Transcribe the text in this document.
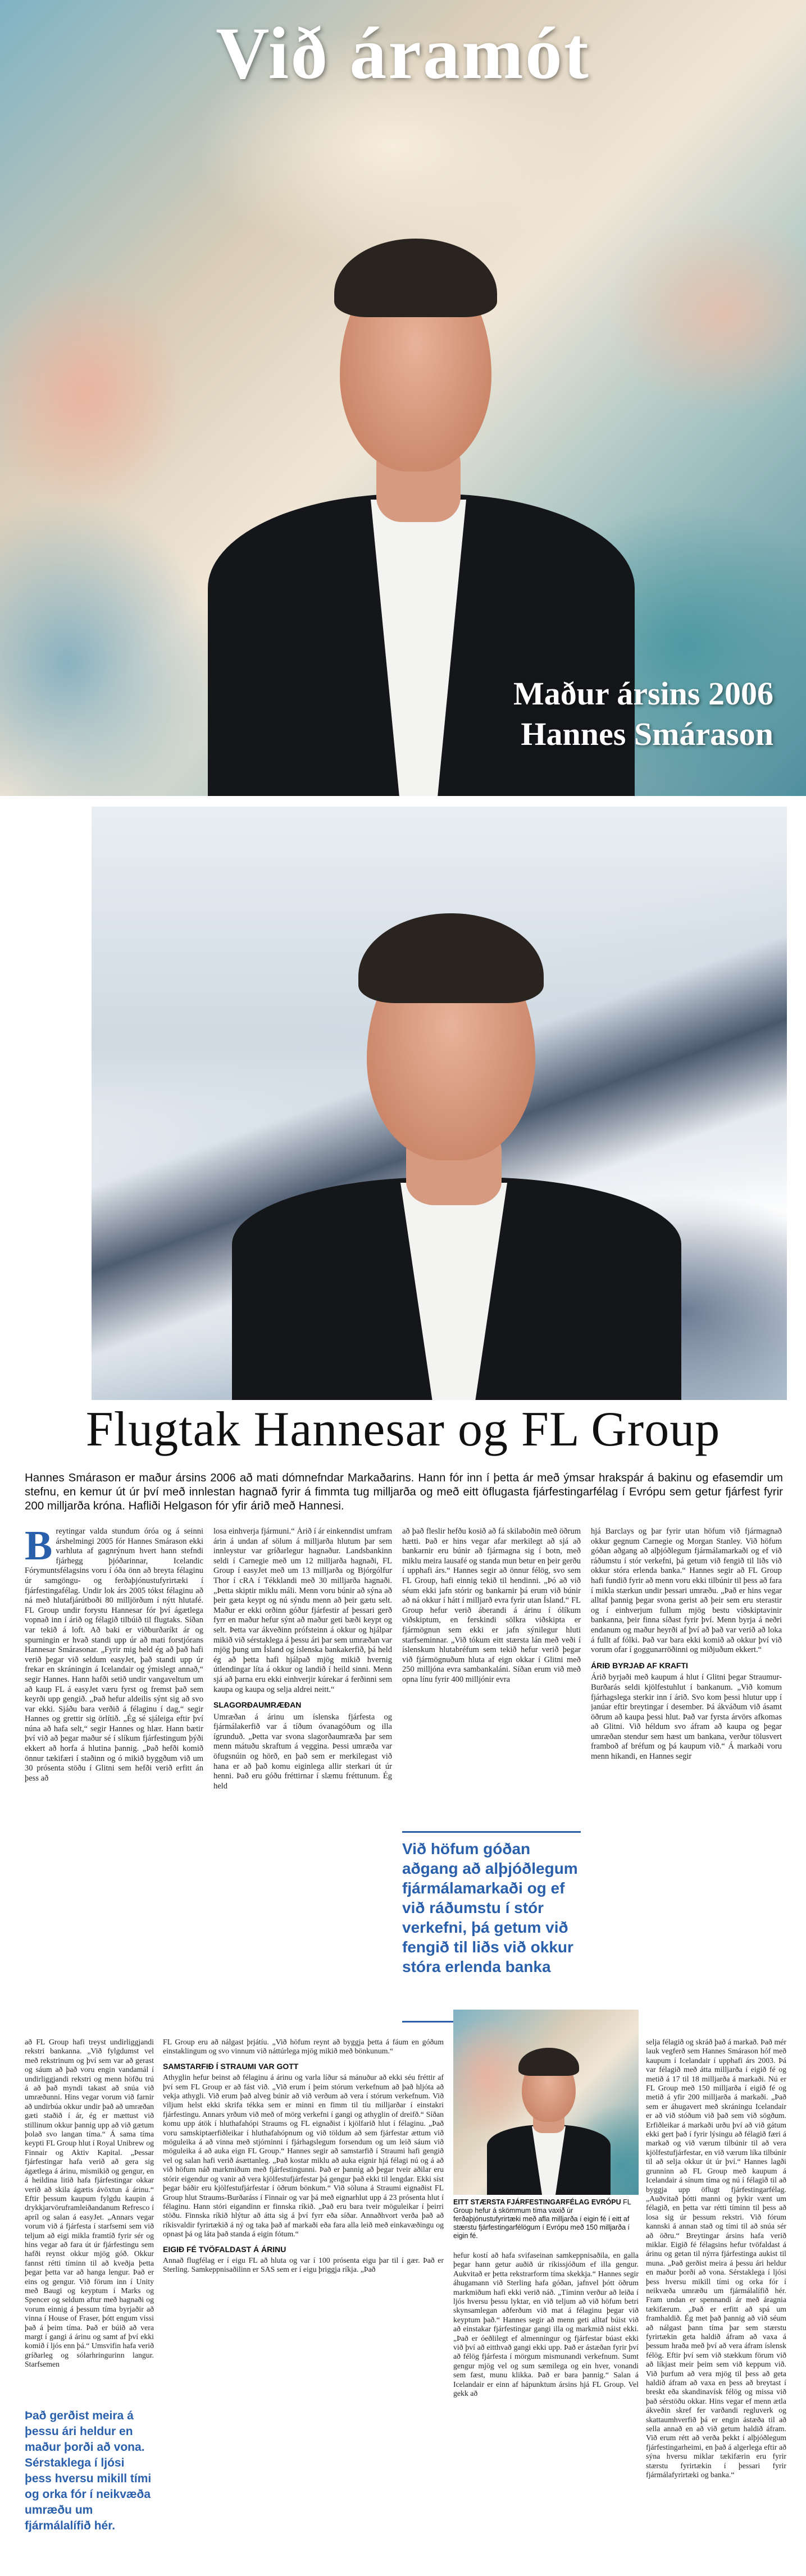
Við áramót
Maður ársins 2006
Hannes Smárason
Flugtak Hannesar og FL Group
Hannes Smárason er maður ársins 2006 að mati dómnefndar Markaðarins. Hann fór inn í þetta ár með ýmsar hrakspár á bakinu og efasemdir um stefnu, en kemur út úr því með innlestan hagnað fyrir á fimmta tug milljarða og með eitt öflugasta fjárfestingarfélag í Evrópu sem getur fjárfest fyrir 200 milljarða króna. Hafliði Helgason fór yfir árið með Hannesi.
B reytingar valda stundum óróa og á seinni árshelmingi 2005 fór Hannes Smárason ekki varhluta af gagnrýnum hvert hann stefndi fjárhegg þjóðarinnar, Icelandic Fórymuntsfélagsins voru í óða önn að breyta félaginu úr samgöngu- og ferðaþjónustufyrirtæki í fjárfestingafélag. Undir lok árs 2005 tókst félaginu að ná með hlutafjárútboði 80 milljörðum í nýtt hlutafé. FL Group undir forystu Hannesar fór því ágætlega vopnað inn í árið og félagið tilbúið til flugtaks. Síðan var tekið á loft. Að baki er viðburðaríkt ár og spurningin er hvað standi upp úr að mati forstjórans Hannesar Smárasonar. „Fyrir mig held ég að það hafi verið þegar við seldum easyJet, það standi upp úr frekar en skráningin á Icelandair og ýmislegt annað,“ segir Hannes. Hann hafði setið undir vangaveltum um að kaup FL á easyJet væru fyrst og fremst það sem keyrði upp gengið. „Það hefur aldeilis sýnt sig að svo var ekki. Sjáðu bara verðið á félaginu í dag,“ segir Hannes og grettir sig örlítið. „Ég sé sjáleiga eftir því núna að hafa selt,“ segir Hannes og hlær. Hann bætir því við að þegar maður sé í slíkum fjárfestingum þýði ekkert að horfa á hlutina þannig. „Það hefði komið önnur tækifæri í staðinn og ó mikið byggðum við um 30 prósenta stöðu í Glitni sem hefði verið erfitt án þess að

losa einhverja fjármuni.“ Árið í ár einkenndist umfram árin á undan af sölum á milljarða hlutum þar sem innleystur var gríðarlegur hagnaður. Landsbankinn seldi í Carnegie með um 12 milljarða hagnaði, FL Group í easyJet með um 13 milljarða og Bjórgólfur Thor í cRA í Tékklandi með 30 milljarða hagnaði. „Þetta skiptir miklu máli. Menn voru búnir að sýna að þeir gæta keypt og nú sýndu menn að þeir gætu selt. Maður er ekki orðinn góður fjárfestir af þessari gerð fyrr en maður hefur sýnt að maður geti bæði keypt og selt. Þetta var ákveðinn prófsteinn á okkur og hjálpar mikið við sérstaklega á þessu ári þar sem umræðan var mjög þung um Ísland og íslenska bankakerfið, þá held ég að þetta hafi hjálpað mjög mikið hvernig útlendingar líta á okkur og landið í heild sinni. Menn sjá að þarna eru ekki einhverjir kúrekar á ferðinni sem kaupa og kaupa og selja aldrei neitt.“

SLAGORÐAUMRÆÐAN

Umræðan á árinu um íslenska fjárfesta og fjármálakerfið var á tíðum óvanagóðum og illa ígrunduð. „Þetta var svona slagorðaumræða þar sem menn mátuðu skraftum á veggina. Þessi umræða var öfugsnúin og hörð, en það sem er merkilegast við hana er að það komu eiginlega allir sterkari út úr henni. Það eru góðu fréttirnar í slæmu fréttunum. Ég held

að það fleslir hefðu kosið að fá skilaboðin með öðrum hætti. Það er hins vegar afar merkilegt að sjá að bankarnir eru búnir að fjármagna sig í botn, með miklu meira lausafé og standa mun betur en þeir gerðu í upphafi árs.“ Hannes segir að önnur félög, svo sem FL Group, hafi einnig tekið til hendinni. „Þó að við séum ekki jafn stórir og bankarnir þá erum við búnir að ná okkur í hátt í milljarð evra fyrir utan Ísland.“ FL Group hefur verið áberandi á árinu í ólíkum viðskiptum, en ferskindi sölkra viðskipta er fjármögnun sem ekki er jafn sýnilegur hluti starfseminnar. „Við tókum eitt stærsta lán með veði í íslenskum hlutabréfum sem tekið hefur verið þegar við fjármögnuðum hluta af eign okkar í Glitni með 250 milljóna evra sambankaláni. Síðan erum við með opna línu fyrir 400 milljónir evra

Við höfum góðan aðgang að alþjóðlegum fjármálamarkaði og ef við ráðumstu í stór verkefni, þá getum við fengið til liðs við okkur stóra erlenda banka

hjá Barclays og þar fyrir utan höfum við fjármagnað okkur gegnum Carnegie og Morgan Stanley. Við höfum góðan aðgang að alþjóðlegum fjármálamarkaði og ef við ráðumstu í stór verkefni, þá getum við fengið til liðs við okkur stóra erlenda banka.“ Hannes segir að FL Group hafi fundið fyrir að menn voru ekki tilbúnir til þess að fara í mikla stærkun undir þessari umræðu. „Það er hins vegar alltaf þannig þegar svona gerist að þeir sem eru sterastir og í einhverjum fullum mjög bestu viðskiptavinir bankanna, þeir finna síðast fyrir því. Menn byrja á neðri endanum og maður heyrði af því að það var verið að loka á fullt af fólki. Það var bara ekki komið að okkur því við vorum ofar í goggunarröðinni og miðjuðum ekkert.“

ÁRIÐ BYRJAÐ AF KRAFTI

Árið byrjaði með kaupum á hlut í Glitni þegar Straumur-Burðarás seldi kjölfestuhlut í bankanum. „Við komum fjárhagslega sterkir inn í árið. Svo kom þessi hlutur upp í janúar eftir breytingar í desember. Þá ákváðum við ásamt öðrum að kaupa þessi hlut. Það var fyrsta árvörs afkomas að Glitni. Við héldum svo áfram að kaupa og þegar umræðan stendur sem hæst um bankana, verður tölusvert framboð af bréfum og þá kaupum við.“ Á markaði voru menn hikandi, en Hannes segir

að FL Group hafi treyst undirliggjandi rekstri bankanna. „Við fylgdumst vel með rekstrinum og því sem var að gerast og sáum að það voru engin vandamál í undirliggjandi rekstri og menn höfðu trú á að það myndi takast að snúa við umræðunni. Hins vegar vorum við farnir að undirbúa okkur undir það að umræðan gæti staðið í ár, ég er mættust við stillinum okkur þannig upp að við gætum þolað svo langan tíma.“ Á sama tíma keypti FL Group hlut í Royal Unibrew og Finnair og Aktiv Kapital. „Þessar fjárfestingar hafa verið að gera sig ágætlega á árinu, mismikið og gengur, en á heildina litið hafa fjárfestingar okkar verið að skila ágætis ávöxtun á árinu.“ Eftir þessum kaupum fylgdu kaupin á drykkjarvöruframleiðandanum Refresco í apríl og salan á easyJet. „Annars vegar vorum við á fjárfesta í starfsemi sem við teljum að eigi mikla framtíð fyrir sér og hins vegar að fara út úr fjárfestingu sem hafði reynst okkur mjög góð. Okkur fannst rétti tíminn til að kveðja þetta þegar þetta var að hanga lengur. Það er eins og gengur. Við förum inn í Unity með Baugi og keyptum í Marks og Spencer og seldum aftur með hagnaði og vorum einnig á þessum tíma byrjaðir að vinna í House of Fraser, þótt engum vissi það á þeim tíma. Það er búið að vera margt í gangi á árinu og samt af því ekki komið í ljós enn þá.“ Umsvifin hafa verið gríðarleg og sólarhringurinn langur. Starfsemen

Það gerðist meira á þessu ári heldur en maður þorði að vona. Sérstaklega í ljósi þess hversu mikill tími og orka fór í neikvæða umræðu um fjármálalífið hér.

FL Group eru að nálgast þrjátíu. „Við höfum reynt að byggja þetta á fáum en góðum einstaklingum og svo vinnum við náttúrlega mjög mikið með bönkunum.“

SAMSTARFIÐ Í STRAUMI VAR GOTT

Athyglin hefur beinst að félaginu á árinu og varla líður sá mánuður að ekki séu fréttir af því sem FL Group er að fást við. „Við erum í þeim stórum verkefnum að það hljóta að vekja athygli. Við erum það alveg búnir að við verðum að vera í stórum verkefnum. Við viljum helst ekki skrifa tékka sem er minni en fimm til tíu milljarðar í einstakri fjárfestingu. Annars yrðum við með of mörg verkefni í gangi og athyglin of dreifð.“ Síðan komu upp átök í hluthafahópi Straums og FL eignaðist í kjölfarið hlut í félaginu. „Það voru samskiptaerfiðleikar í hluthafahópnum og við töldum að sem fjárfestar ættum við möguleika á að vinna með stjórninni í fjárhagslegum forsendum og um leið sáum við möguleika á að auka eign FL Group.“ Hannes segir að samstarfið í Straumi hafi gengið vel og salan hafi verið ásættanleg. „Það kostar miklu að auka eignir hjá félagi nú og á að við höfum náð markmiðum með fjárfestingunni. Það er þannig að þegar tveir aðilar eru stórir eigendur og vanir að vera kjölfestufjárfestar þá gengur það ekki til lengdar. Ekki síst þegar báðir eru kjölfestufjárfestar í öðrum bönkum.“ Við söluna á Straumi eignaðist FL Group hlut Straums-Burðaráss í Finnair og var þá með eignarhlut upp á 23 prósenta hlut í félaginu. Hann stóri eigandinn er finnska ríkið. „Það eru bara tveir möguleikar í þeirri stöðu. Finnska ríkið hlýtur að átta sig á því fyrr eða síðar. Annaðhvort verða það að ríkisvaldir fyrirtækið á ný og taka það af markaði eða fara alla leið með einkavæðingu og opnast þá og láta það standa á eigin fótum.“

EIGIÐ FÉ TVÖFALDAST Á ÁRINU

Annað flugfélag er í eigu FL að hluta og var í 100 prósenta eigu þar til í gær. Það er Sterling. Samkeppnisaðilinn er SAS sem er í eigu þriggja ríkja. „Það

EITT STÆRSTA FJÁRFESTINGARFÉLAG EVRÓPU FL Group hefur á skömmum tíma vaxið úr ferðaþjónustufyrirtæki með afla milljarða í eigin fé í eitt af stærstu fjárfestingarfélögum í Evrópu með 150 milljarða í eigin fé.

hefur kostí að hafa svifaseinan samkeppnisaðila, en galla þegar hann getur auðið úr ríkissjóðum ef illa gengur. Aukvitað er þetta rekstrarform tíma skekkja.“ Hannes segir áhugamann við Sterling hafa góðan, jafnvel þótt öðrum markmiðum hafi ekki verið náð. „Tíminn verður að leiða í ljós hversu þessu lyktar, en við teljum að við höfum betri skynsamlegan aðferðum við mat á félaginu þegar við keyptum það.“ Hannes segir að menn geti alltaf búist við að einstakar fjárfestingar gangi illa og markmið náist ekki. „Það er óeðlilegt ef almenningur og fjárfestar búast ekki við því að eitthvað gangi ekki upp. Það er ástæðan fyrir því að félög fjárfesta í mörgum mismunandi verkefnum. Sumt gengur mjög vel og sum sæmilega og ein hver, vonandi sem fæst, munu klikka. Það er bara þannig.“ Salan á Icelandair er einn af hápunktum ársins hjá FL Group. Vel gekk að

selja félagið og skráð það á markað. Það mér lauk vegferð sem Hannes Smárason hóf með kaupum í Icelandair í upphafi árs 2003. Þá var félagið með átta milljarða í eigið fé og metið á 17 til 18 milljarða á markaði. Nú er FL Group með 150 milljarða í eigið fé og metið á yfir 200 milljarða á markaði. „Það sem er áhugavert með skráningu Icelandair er að við stóðum við það sem við sögðum. Erfiðleikar á markaði urðu því að við gátum ekki gert það í fyrir lýsingu að félagið færi á markað og við værum tilbúnir til að vera kjölfestufjárfestar, en við værum líka tilbúnir til að selja okkur út úr því.“ Hannes lagði grunninn að FL Group með kaupum á Icelandair á sínum tíma og nú í félagið til að byggja upp öflugt fjárfestingarfélag. „Auðvitað þótti manni og þykir vænt um félagið, en þetta var rétti tíminn til þess að losa sig úr þessum rekstri. Við fórum kannski á annan stað og tími til að snúa sér að öðru.“ Breytingar ársins hafa verið miklar. Eigið fé félagsins hefur tvöfaldast á árinu og getan til nýrra fjárfestinga aukist til muna. „Það gerðist meira á þessu ári heldur en maður þorði að vona. Sérstaklega í ljósi þess hversu mikill tími og orka fór í neikvæða umræðu um fjármálalífið hér. Fram undan er spennandi ár með áragnia tækifærum. „Það er erfitt að spá um framhaldið. Ég met það þannig að við séum að nálgast þann tíma þar sem stærstu fyrirtækin geta haldið áfram að vaxa á þessum hraða með því að vera áfram íslensk félög. Eftir því sem við stækkum förum við að líkjast meir þeim sem við keppum við. Við þurfum að vera mjög til þess að geta haldið áfram að vaxa en þess að breytast í breskt eða skandinavísk félög og missa við það sérstöðu okkar. Hins vegar ef menn ætla ákveðin skref fer varðandi regluverk og skattaumhverfið þá er engin ástæða til að sella annað en að við getum haldið áfram. Við erum rétt að verða þekkt í alþjóðlegum fjárfestingarheimi, en það á algerlega eftir að sýna hversu miklar tækifærin eru fyrir stærstu fyrirtækin í þessari fyrir fjármálafyrirtæki og banka.“
